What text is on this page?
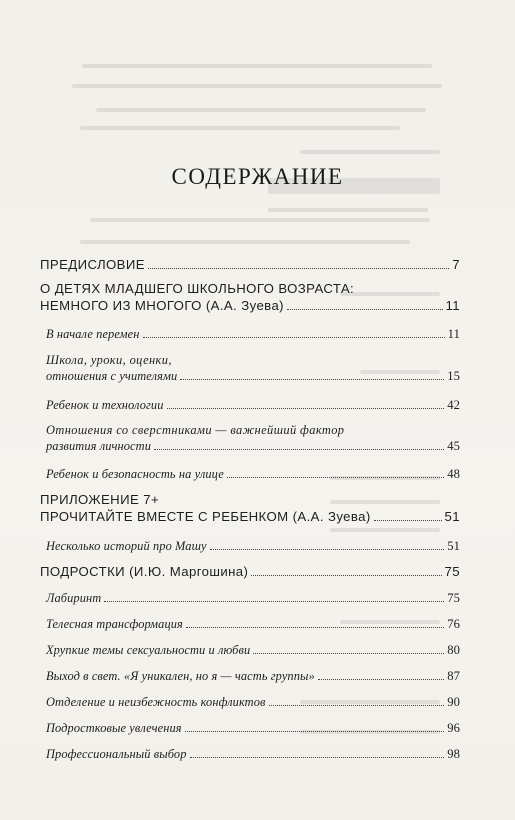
СОДЕРЖАНИЕ
ПРЕДИСЛОВИЕ	7
О ДЕТЯХ МЛАДШЕГО ШКОЛЬНОГО ВОЗРАСТА:
НЕМНОГО ИЗ МНОГОГО (А.А. Зуева)	11
В начале перемен	11
Школа, уроки, оценки,
отношения с учителями	15
Ребенок и технологии	42
Отношения со сверстниками — важнейший фактор
развития личности	45
Ребенок и безопасность на улице	48
ПРИЛОЖЕНИЕ 7+
ПРОЧИТАЙТЕ ВМЕСТЕ С РЕБЕНКОМ (А.А. Зуева)	51
Несколько историй про Машу	51
ПОДРОСТКИ (И.Ю. Маргошина)	75
Лабиринт	75
Телесная трансформация	76
Хрупкие темы сексуальности и любви	80
Выход в свет. «Я уникален, но я — часть группы»	87
Отделение и неизбежность конфликтов	90
Подростковые увлечения	96
Профессиональный выбор	98
